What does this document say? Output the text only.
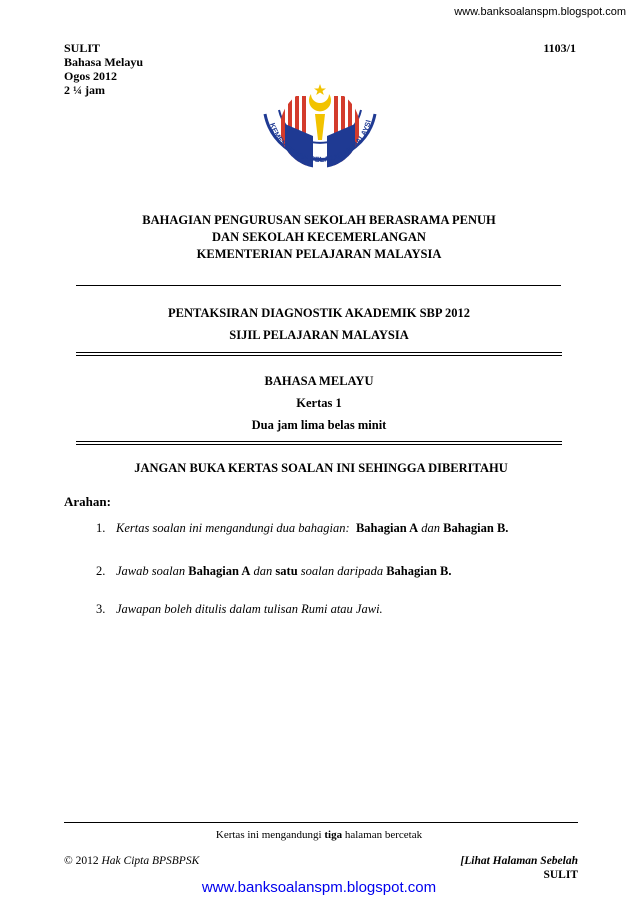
www.banksoalanspm.blogspot.com
SULIT
Bahasa Melayu
Ogos 2012
2 ¼ jam
1103/1
KEMENTERIAN PELAJARAN MALAYSI
BAHAGIAN PENGURUSAN SEKOLAH BERASRAMA PENUH
DAN SEKOLAH KECEMERLANGAN
KEMENTERIAN PELAJARAN MALAYSIA
PENTAKSIRAN DIAGNOSTIK AKADEMIK SBP 2012
SIJIL PELAJARAN MALAYSIA
BAHASA MELAYU
Kertas 1
Dua jam lima belas minit
JANGAN BUKA KERTAS SOALAN INI SEHINGGA DIBERITAHU
Arahan:
1. Kertas soalan ini mengandungi dua bahagian: Bahagian A dan Bahagian B.
2. Jawab soalan Bahagian A dan satu soalan daripada Bahagian B.
3. Jawapan boleh ditulis dalam tulisan Rumi atau Jawi.
Kertas ini mengandungi tiga halaman bercetak
© 2012 Hak Cipta BPSBPSK	[Lihat Halaman Sebelah
SULIT
www.banksoalanspm.blogspot.com
